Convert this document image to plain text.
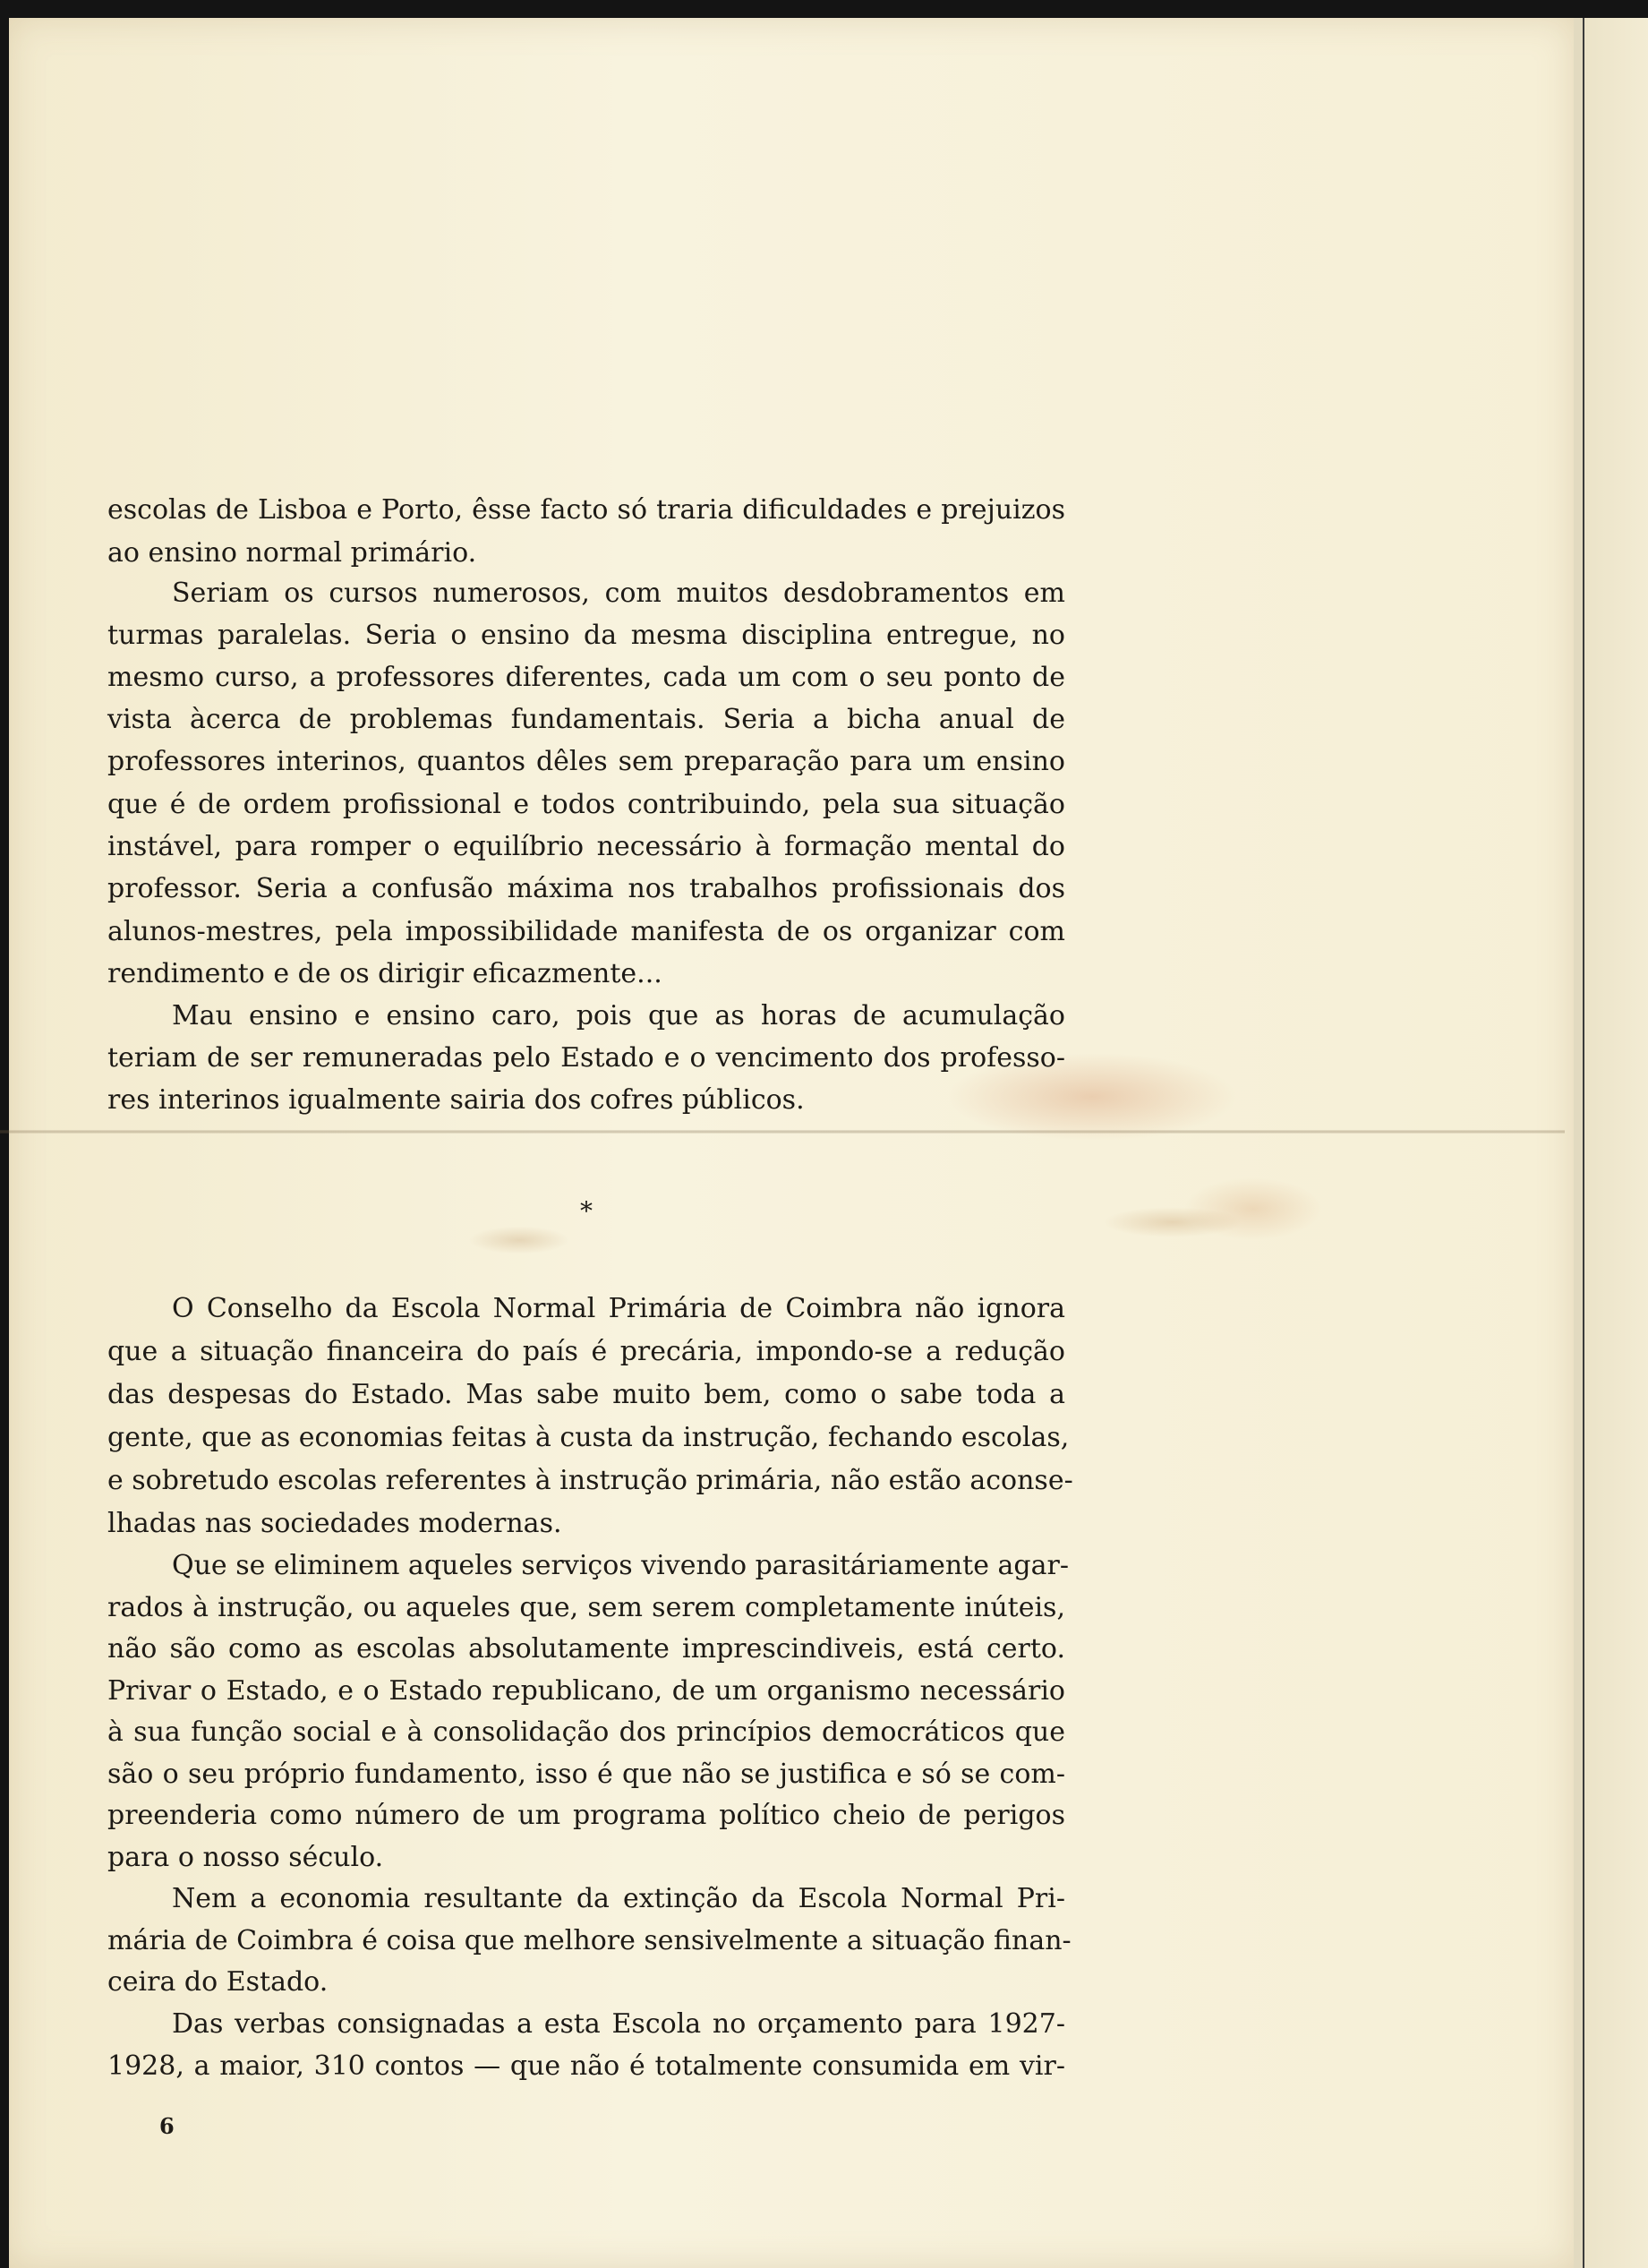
escolas de Lisboa e Porto, êsse facto só traria dificuldades e prejuizos
ao ensino normal primário.
Seriam os cursos numerosos, com muitos desdobramentos em
turmas paralelas. Seria o ensino da mesma disciplina entregue, no
mesmo curso, a professores diferentes, cada um com o seu ponto de
vista àcerca de problemas fundamentais. Seria a bicha anual de
professores interinos, quantos dêles sem preparação para um ensino
que é de ordem profissional e todos contribuindo, pela sua situação
instável, para romper o equilíbrio necessário à formação mental do
professor. Seria a confusão máxima nos trabalhos profissionais dos
alunos-mestres, pela impossibilidade manifesta de os organizar com
rendimento e de os dirigir eficazmente...
Mau ensino e ensino caro, pois que as horas de acumulação
teriam de ser remuneradas pelo Estado e o vencimento dos professo-
res interinos igualmente sairia dos cofres públicos.
O Conselho da Escola Normal Primária de Coimbra não ignora
que a situação financeira do país é precária, impondo-se a redução
das despesas do Estado. Mas sabe muito bem, como o sabe toda a
gente, que as economias feitas à custa da instrução, fechando escolas,
e sobretudo escolas referentes à instrução primária, não estão aconse-
lhadas nas sociedades modernas.
Que se eliminem aqueles serviços vivendo parasitáriamente agar-
rados à instrução, ou aqueles que, sem serem completamente inúteis,
não são como as escolas absolutamente imprescindiveis, está certo.
Privar o Estado, e o Estado republicano, de um organismo necessário
à sua função social e à consolidação dos princípios democráticos que
são o seu próprio fundamento, isso é que não se justifica e só se com-
preenderia como número de um programa político cheio de perigos
para o nosso século.
Nem a economia resultante da extinção da Escola Normal Pri-
mária de Coimbra é coisa que melhore sensivelmente a situação finan-
ceira do Estado.
Das verbas consignadas a esta Escola no orçamento para 1927-
1928, a maior, 310 contos — que não é totalmente consumida em vir-
*
6
